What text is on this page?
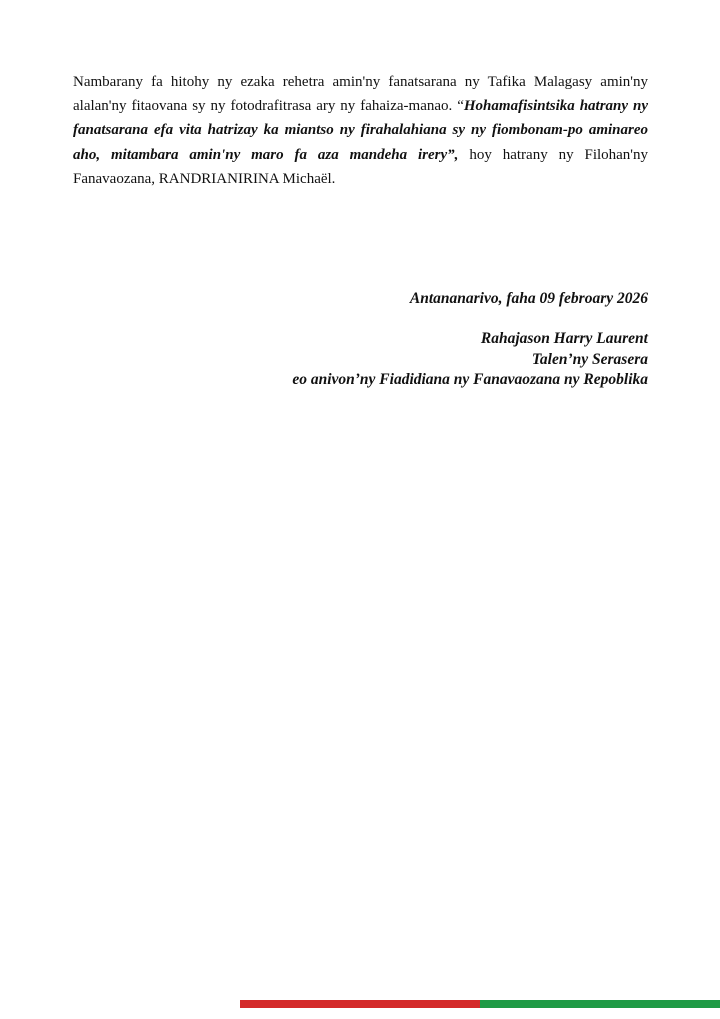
Nambarany fa hitohy ny ezaka rehetra amin'ny fanatsarana ny Tafika Malagasy amin'ny alalan'ny fitaovana sy ny fotodrafitrasa ary ny fahaiza-manao. “Hohamafisintsika hatrany ny fanatsarana efa vita hatrizay ka miantso ny firahalahiana sy ny fiombonam-po aminareo aho, mitambara amin'ny maro fa aza mandeha irery”, hoy hatrany ny Filohan'ny Fanavaozana, RANDRIANIRINA Michaël.

Antananarivo, faha 09 febroary 2026

Rahajason Harry Laurent

Talen’ny Serasera

eo anivon’ny Fiadidiana ny Fanavaozana ny Repoblika
